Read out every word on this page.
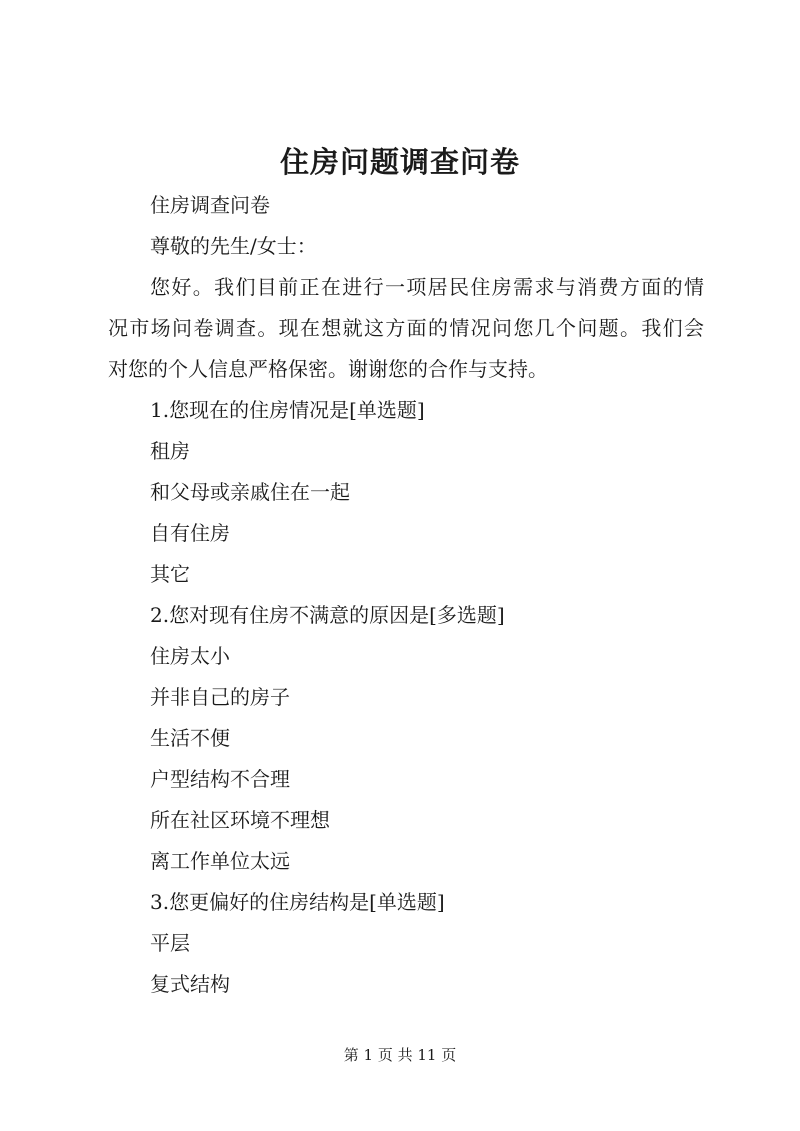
住房问题调查问卷
住房调查问卷
尊敬的先生/女士：
您好。我们目前正在进行一项居民住房需求与消费方面的情
况市场问卷调查。现在想就这方面的情况问您几个问题。我们会
对您的个人信息严格保密。谢谢您的合作与支持。
1.您现在的住房情况是[单选题]
租房
和父母或亲戚住在一起
自有住房
其它
2.您对现有住房不满意的原因是[多选题]
住房太小
并非自己的房子
生活不便
户型结构不合理
所在社区环境不理想
离工作单位太远
3.您更偏好的住房结构是[单选题]
平层
复式结构
第 1 页 共 11 页
